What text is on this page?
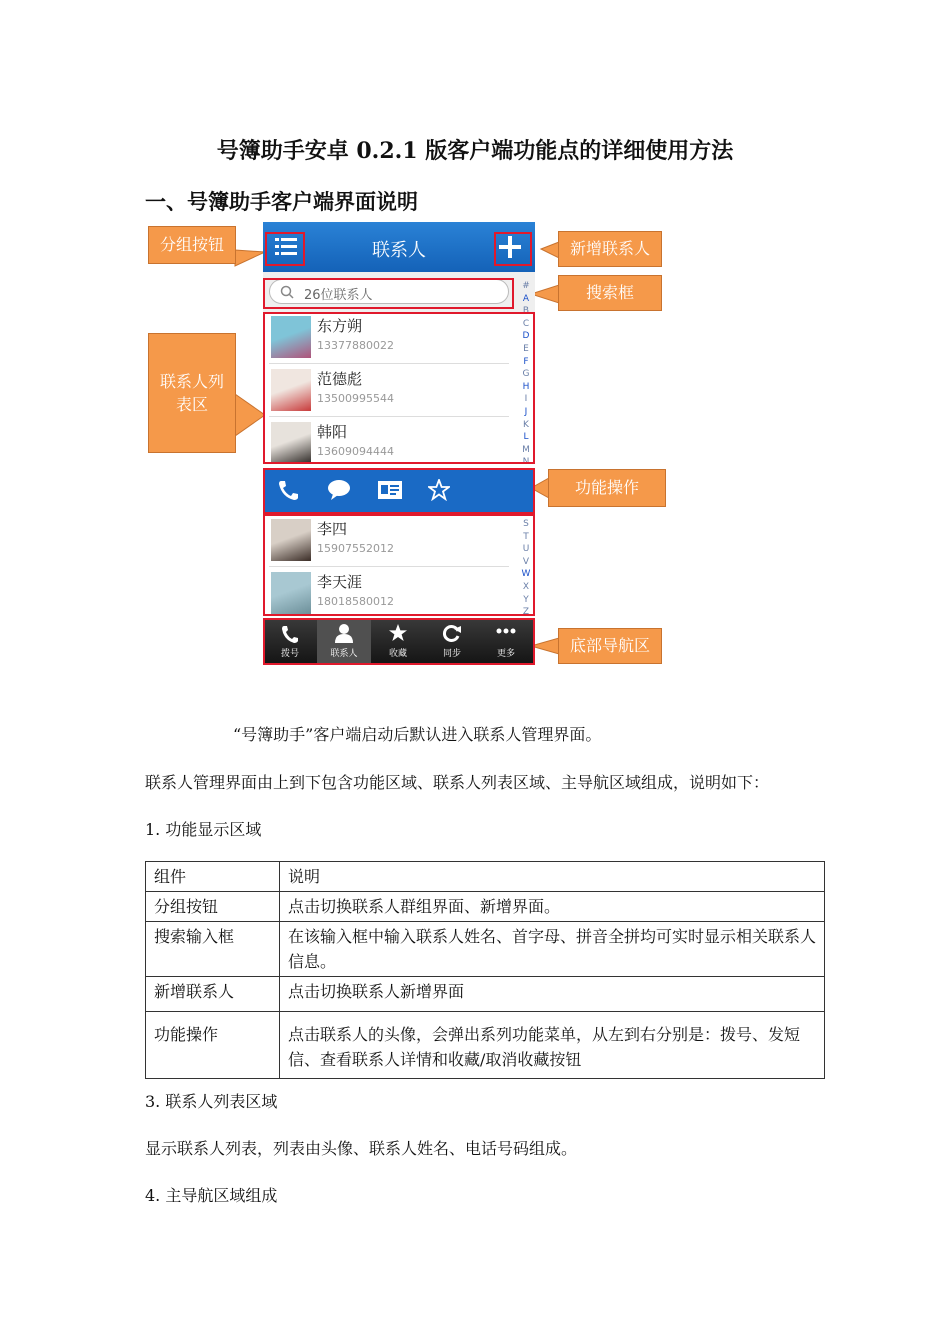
号簿助手安卓 0.2.1 版客户端功能点的详细使用方法
一、号簿助手客户端界面说明
分组按钮	新增联系人
搜索框
联系人列表区
功能操作
底部导航区
联系人
26位联系人
#
A
B
C
D
E
F
G
H
I
J
K
L
M
N
东方朔
13377880022
范德彪
13500995544
韩阳
13609094444
S
T
U
V
W
X
Y
Z
李四
15907552012
李天涯
18018580012
拨号	联系人	收藏	同步	更多
“号簿助手”客户端启动后默认进入联系人管理界面。
联系人管理界面由上到下包含功能区域、联系人列表区域、主导航区域组成，说明如下：
1. 功能显示区域
组件	说明
分组按钮	点击切换联系人群组界面、新增界面。
搜索输入框	在该输入框中输入联系人姓名、首字母、拼音全拼均可实时显示相关联系人信息。
新增联系人	点击切换联系人新增界面
功能操作	点击联系人的头像，会弹出系列功能菜单，从左到右分别是：拨号、发短信、查看联系人详情和收藏/取消收藏按钮
3. 联系人列表区域
显示联系人列表，列表由头像、联系人姓名、电话号码组成。
4. 主导航区域组成
